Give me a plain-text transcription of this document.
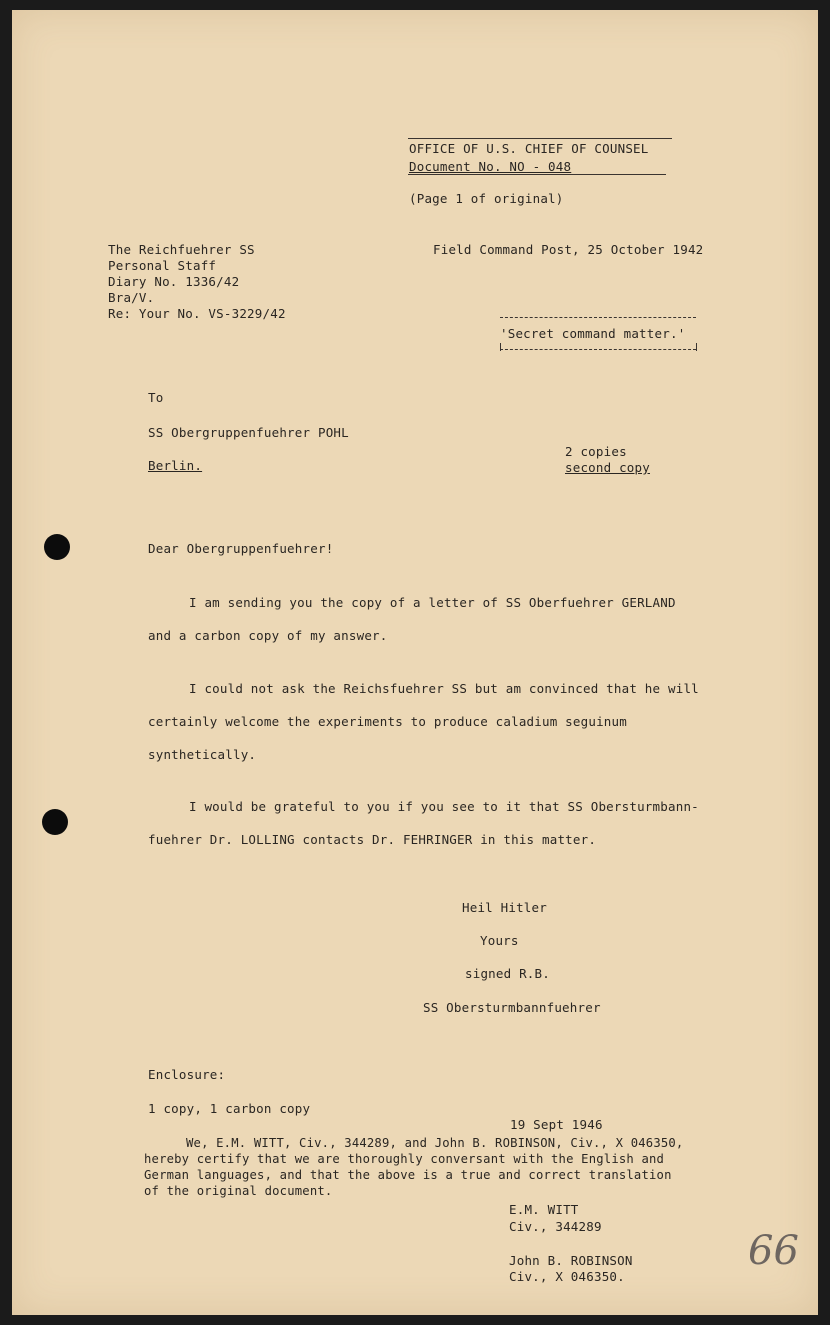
OFFICE OF U.S. CHIEF OF COUNSEL
Document No. NO - 048
(Page 1 of original)
The Reichfuehrer SS
Personal Staff
Diary No. 1336/42
Bra/V.
Re: Your No. VS-3229/42
Field Command Post, 25 October 1942
'Secret command matter.'
To
SS Obergruppenfuehrer POHL
Berlin.
2 copies
second copy
Dear Obergruppenfuehrer!
I am sending you the copy of a letter of SS Oberfuehrer GERLAND
and a carbon copy of my answer.
I could not ask the Reichsfuehrer SS but am convinced that he will
certainly welcome the experiments to produce caladium seguinum
synthetically.
I would be grateful to you if you see to it that SS Obersturmbann-
fuehrer Dr. LOLLING contacts Dr. FEHRINGER in this matter.
Heil Hitler
Yours
signed R.B.
SS Obersturmbannfuehrer
Enclosure:
1 copy, 1 carbon copy
19 Sept 1946
We, E.M. WITT, Civ., 344289, and John B. ROBINSON, Civ., X 046350,
hereby certify that we are thoroughly conversant with the English and
German languages, and that the above is a true and correct translation
of the original document.
E.M. WITT
Civ., 344289
John B. ROBINSON
Civ., X 046350.
66
